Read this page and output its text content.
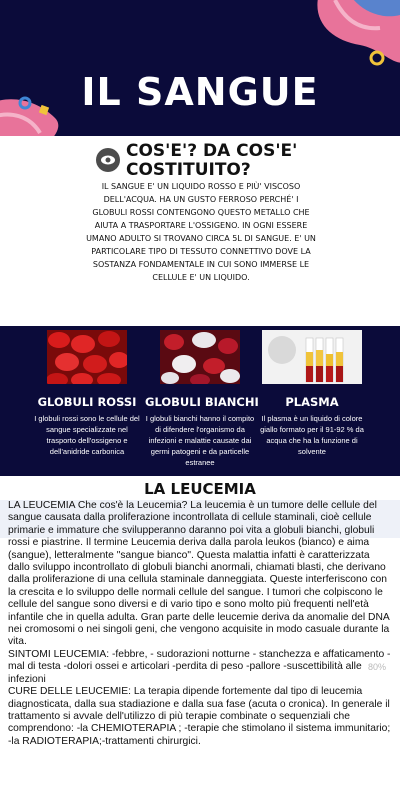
IL SANGUE
COS'E'? DA COS'E' COSTITUITO?
IL SANGUE E' UN LIQUIDO ROSSO E PIÙ' VISCOSO DELL'ACQUA. HA UN GUSTO FERROSO PERCHÉ' I GLOBULI ROSSI CONTENGONO QUESTO METALLO CHE AIUTA A TRASPORTARE L'OSSIGENO. IN OGNI ESSERE UMANO ADULTO SI TROVANO CIRCA 5L DI SANGUE. E' UN PARTICOLARE TIPO DI TESSUTO CONNETTIVO DOVE LA SOSTANZA FONDAMENTALE IN CUI SONO IMMERSE LE CELLULE E' UN LIQUIDO.
GLOBULI ROSSI
I globuli rossi sono le cellule del sangue specializzate nel trasporto dell'ossigeno e dell'anidride carbonica
GLOBULI BIANCHI
I globuli bianchi hanno il compito di difendere l'organismo da infezioni e malattie causate dai germi patogeni e da particelle estranee
PLASMA
Il plasma è un liquido di colore giallo formato per il 91-92 % da acqua che ha la funzione di solvente
LA LEUCEMIA

LA LEUCEMIA Che cos'è la Leucemia? La leucemia è un tumore delle cellule del sangue causata dalla proliferazione incontrollata di cellule staminali, cioè cellule primarie e immature che svilupperanno daranno poi vita a globuli bianchi, globuli rossi e piastrine. Il termine Leucemia deriva dalla parola leukos (bianco) e aima (sangue), letteralmente "sangue bianco". Questa malattia infatti è caratterizzata dallo sviluppo incontrollato di globuli bianchi anormali, chiamati blasti, che derivano dalla proliferazione di una cellula staminale danneggiata. Queste interferiscono con la crescita e lo sviluppo delle normali cellule del sangue. I tumori che colpiscono le cellule del sangue sono diversi e di vario tipo e sono molto più frequenti nell'età infantile che in quella adulta. Gran parte delle leucemie deriva da anomalie del DNA nei cromosomi o nei singoli geni, che vengono acquisite in modo casuale durante la vita.

SINTOMI LEUCEMIA: -febbre, - sudorazioni notturne - stanchezza e affaticamento - mal di testa -dolori ossei e articolari -perdita di peso -pallore -suscettibilità alle infezioni

CURE DELLE LEUCEMIE: La terapia dipende fortemente dal tipo di leucemia diagnosticata, dalla sua stadiazione e dalla sua fase (acuta o cronica). In generale il trattamento si avvale dell'utilizzo di più terapie combinate o sequenziali che comprendono: -la CHEMIOTERAPIA ; -terapie che stimolano il sistema immunitario; -la RADIOTERAPIA;-trattamenti chirurgici.

80%
